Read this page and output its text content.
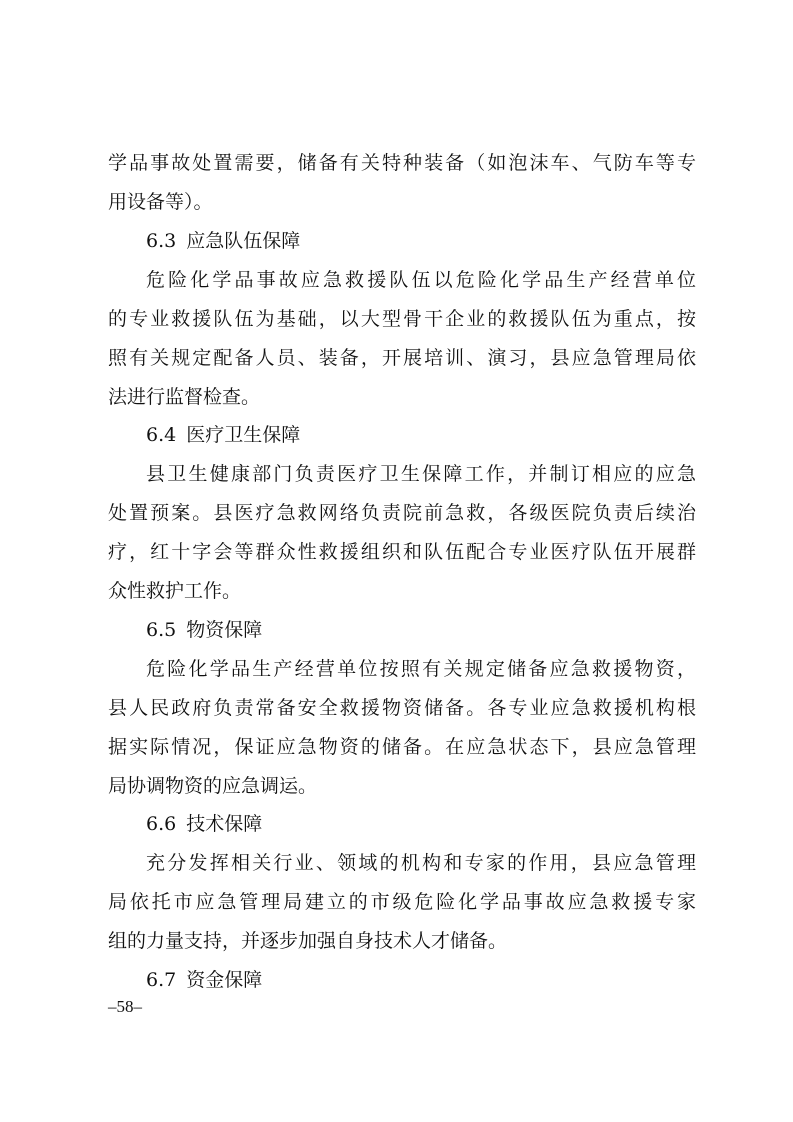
学品事故处置需要，储备有关特种装备（如泡沫车、气防车等专
用设备等）。
6.3 应急队伍保障
危险化学品事故应急救援队伍以危险化学品生产经营单位
的专业救援队伍为基础，以大型骨干企业的救援队伍为重点，按
照有关规定配备人员、装备，开展培训、演习，县应急管理局依
法进行监督检查。
6.4 医疗卫生保障
县卫生健康部门负责医疗卫生保障工作，并制订相应的应急
处置预案。县医疗急救网络负责院前急救，各级医院负责后续治
疗，红十字会等群众性救援组织和队伍配合专业医疗队伍开展群
众性救护工作。
6.5 物资保障
危险化学品生产经营单位按照有关规定储备应急救援物资，
县人民政府负责常备安全救援物资储备。各专业应急救援机构根
据实际情况，保证应急物资的储备。在应急状态下，县应急管理
局协调物资的应急调运。
6.6 技术保障
充分发挥相关行业、领域的机构和专家的作用，县应急管理
局依托市应急管理局建立的市级危险化学品事故应急救援专家
组的力量支持，并逐步加强自身技术人才储备。
6.7 资金保障
–58–
